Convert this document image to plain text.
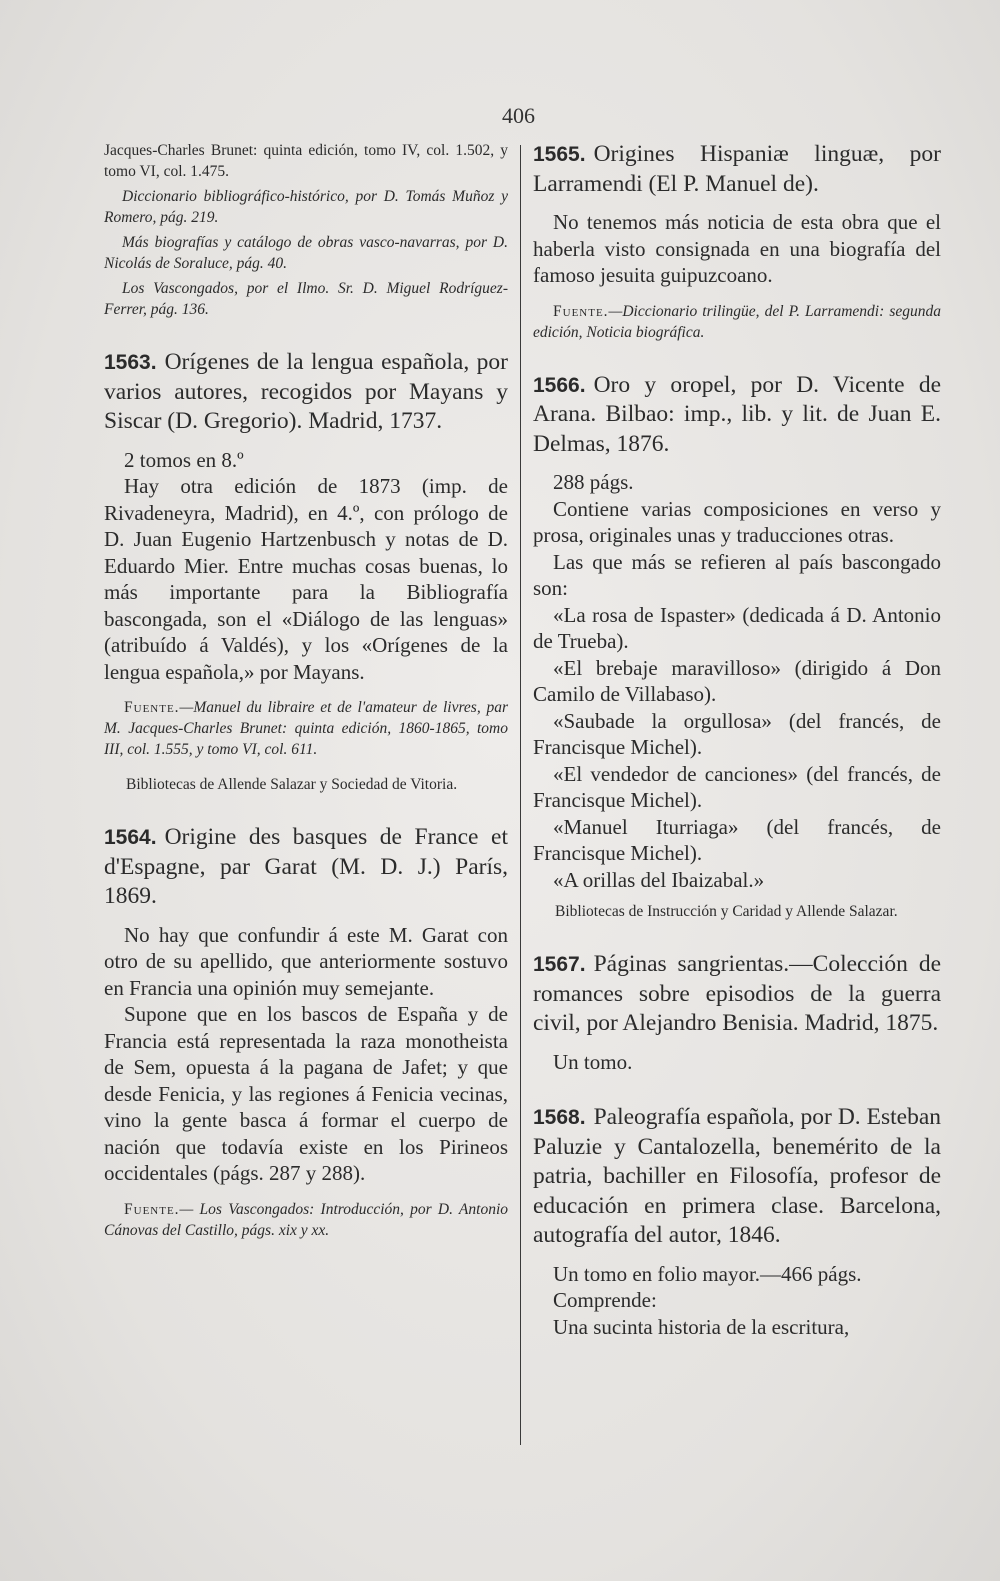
406

Jacques-Charles Brunet: quinta edición, tomo IV, col. 1.502, y tomo VI, col. 1.475.

Diccionario bibliográfico-histórico, por D. Tomás Muñoz y Romero, pág. 219.

Más biografías y catálogo de obras vasco-navarras, por D. Nicolás de Soraluce, pág. 40.

Los Vascongados, por el Ilmo. Sr. D. Miguel Rodríguez-Ferrer, pág. 136.

1563. Orígenes de la lengua española, por varios autores, recogidos por Mayans y Siscar (D. Gregorio). Madrid, 1737.

2 tomos en 8.º

Hay otra edición de 1873 (imp. de Rivadeneyra, Madrid), en 4.º, con prólogo de D. Juan Eugenio Hartzenbusch y notas de D. Eduardo Mier. Entre muchas cosas buenas, lo más importante para la Bibliografía bascongada, son el «Diálogo de las lenguas» (atribuído á Valdés), y los «Orígenes de la lengua española,» por Mayans.

Fuente.—Manuel du libraire et de l'amateur de livres, par M. Jacques-Charles Brunet: quinta edición, 1860-1865, tomo III, col. 1.555, y tomo VI, col. 611.

Bibliotecas de Allende Salazar y Sociedad de Vitoria.

1564. Origine des basques de France et d'Espagne, par Garat (M. D. J.) París, 1869.

No hay que confundir á este M. Garat con otro de su apellido, que anteriormente sostuvo en Francia una opinión muy semejante.

Supone que en los bascos de España y de Francia está representada la raza monotheista de Sem, opuesta á la pagana de Jafet; y que desde Fenicia, y las regiones á Fenicia vecinas, vino la gente basca á formar el cuerpo de nación que todavía existe en los Pirineos occidentales (págs. 287 y 288).

Fuente.— Los Vascongados: Introducción, por D. Antonio Cánovas del Castillo, págs. xix y xx.

1565. Origines Hispaniæ linguæ, por Larramendi (El P. Manuel de).

No tenemos más noticia de esta obra que el haberla visto consignada en una biografía del famoso jesuita guipuzcoano.

Fuente.—Diccionario trilingüe, del P. Larramendi: segunda edición, Noticia biográfica.

1566. Oro y oropel, por D. Vicente de Arana. Bilbao: imp., lib. y lit. de Juan E. Delmas, 1876.

288 págs.

Contiene varias composiciones en verso y prosa, originales unas y traducciones otras.

Las que más se refieren al país bascongado son:

«La rosa de Ispaster» (dedicada á D. Antonio de Trueba).

«El brebaje maravilloso» (dirigido á Don Camilo de Villabaso).

«Saubade la orgullosa» (del francés, de Francisque Michel).

«El vendedor de canciones» (del francés, de Francisque Michel).

«Manuel Iturriaga» (del francés, de Francisque Michel).

«A orillas del Ibaizabal.»

Bibliotecas de Instrucción y Caridad y Allende Salazar.

1567. Páginas sangrientas.—Colección de romances sobre episodios de la guerra civil, por Alejandro Benisia. Madrid, 1875.

Un tomo.

1568. Paleografía española, por D. Esteban Paluzie y Cantalozella, benemérito de la patria, bachiller en Filosofía, profesor de educación en primera clase. Barcelona, autografía del autor, 1846.

Un tomo en folio mayor.—466 págs.

Comprende:

Una sucinta historia de la escritura,
